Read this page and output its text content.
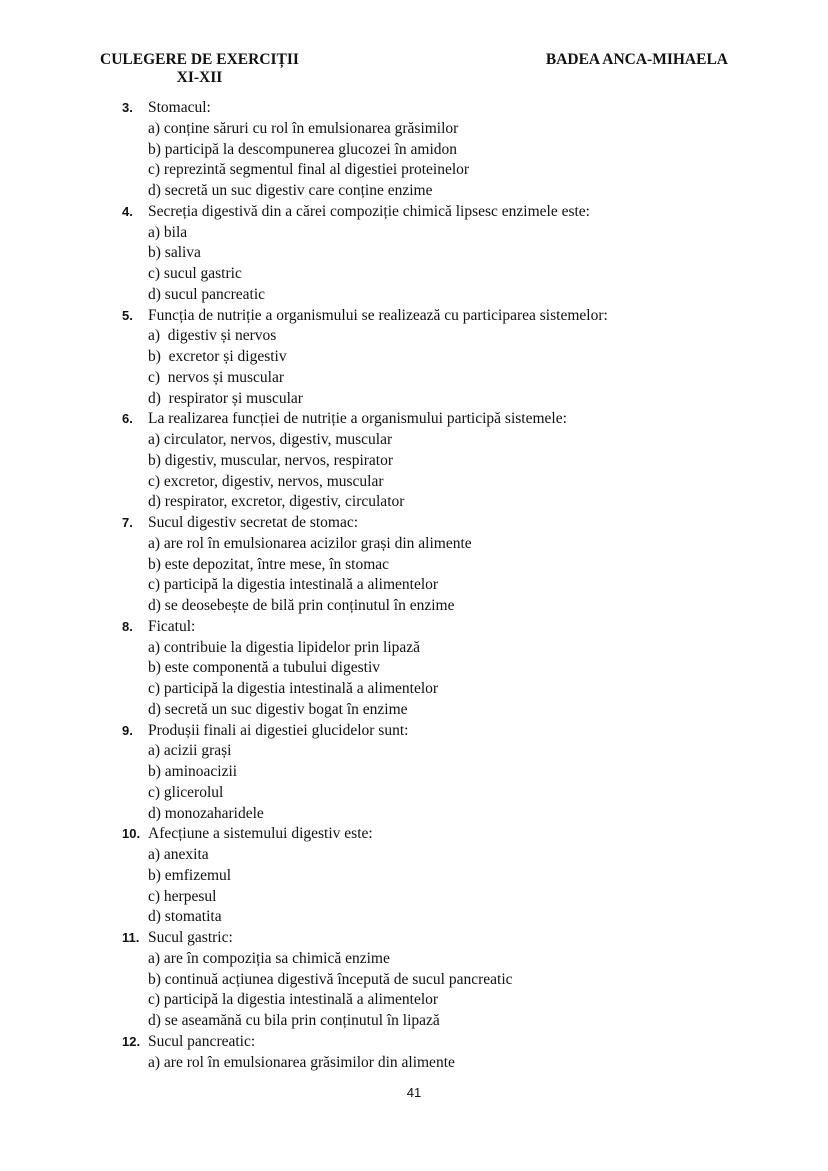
CULEGERE DE EXERCIȚII
XI-XII
BADEA ANCA-MIHAELA
3. Stomacul:
a) conține săruri cu rol în emulsionarea grăsimilor
b) participă la descompunerea glucozei în amidon
c) reprezintă segmentul final al digestiei proteinelor
d) secretă un suc digestiv care conține enzime
4. Secreția digestivă din a cărei compoziție chimică lipsesc enzimele este:
a) bila
b) saliva
c) sucul gastric
d) sucul pancreatic
5. Funcția de nutriție a organismului se realizează cu participarea sistemelor:
a)  digestiv și nervos
b)  excretor și digestiv
c)  nervos și muscular
d)  respirator și muscular
6. La realizarea funcției de nutriție a organismului participă sistemele:
a) circulator, nervos, digestiv, muscular
b) digestiv, muscular, nervos, respirator
c) excretor, digestiv, nervos, muscular
d) respirator, excretor, digestiv, circulator
7. Sucul digestiv secretat de stomac:
a) are rol în emulsionarea acizilor grași din alimente
b) este depozitat, între mese, în stomac
c) participă la digestia intestinală a alimentelor
d) se deosebește de bilă prin conținutul în enzime
8. Ficatul:
a) contribuie la digestia lipidelor prin lipază
b) este componentă a tubului digestiv
c) participă la digestia intestinală a alimentelor
d) secretă un suc digestiv bogat în enzime
9. Produșii finali ai digestiei glucidelor sunt:
a) acizii grași
b) aminoacizii
c) glicerolul
d) monozaharidele
10. Afecțiune a sistemului digestiv este:
a) anexita
b) emfizemul
c) herpesul
d) stomatita
11. Sucul gastric:
a) are în compoziția sa chimică enzime
b) continuă acțiunea digestivă începută de sucul pancreatic
c) participă la digestia intestinală a alimentelor
d) se aseamănă cu bila prin conținutul în lipază
12. Sucul pancreatic:
a) are rol în emulsionarea grăsimilor din alimente
41
